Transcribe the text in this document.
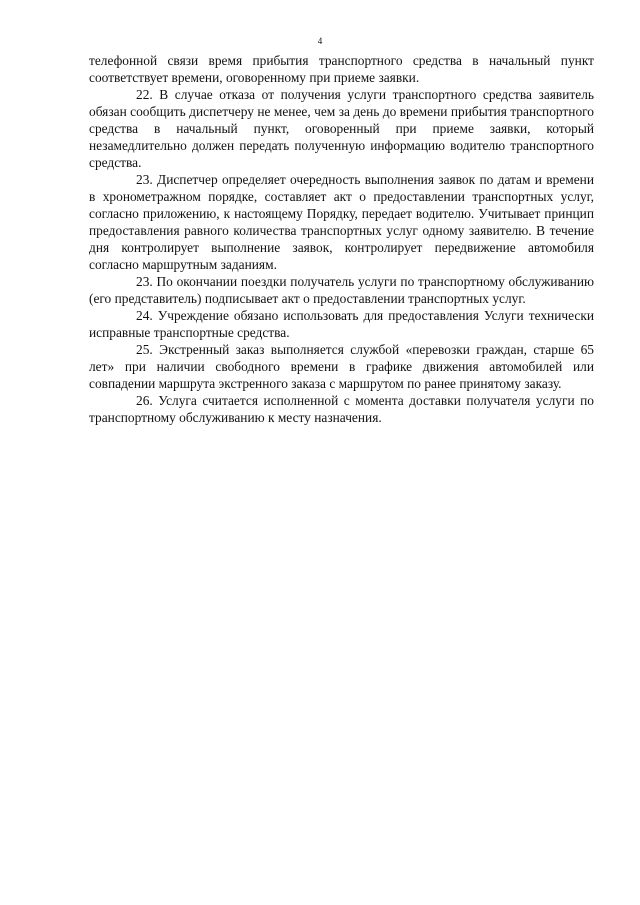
4

телефонной связи время прибытия транспортного средства в начальный пункт соответствует времени, оговоренному при приеме заявки.

22. В случае отказа от получения услуги транспортного средства заявитель обязан сообщить диспетчеру не менее, чем за день до времени прибытия транспортного средства в начальный пункт, оговоренный при приеме заявки, который незамедлительно должен передать полученную информацию водителю транспортного средства.

23. Диспетчер определяет очередность выполнения заявок по датам и времени в хронометражном порядке, составляет акт о предоставлении транспортных услуг, согласно приложению, к настоящему Порядку, передает водителю. Учитывает принцип предоставления равного количества транспортных услуг одному заявителю. В течение дня контролирует выполнение заявок, контролирует передвижение автомобиля согласно маршрутным заданиям.

23. По окончании поездки получатель услуги по транспортному обслуживанию (его представитель) подписывает акт о предоставлении транспортных услуг.

24. Учреждение обязано использовать для предоставления Услуги технически исправные транспортные средства.

25. Экстренный заказ выполняется службой «перевозки граждан, старше 65 лет» при наличии свободного времени в графике движения автомобилей или совпадении маршрута экстренного заказа с маршрутом по ранее принятому заказу.

26. Услуга считается исполненной с момента доставки получателя услуги по транспортному обслуживанию к месту назначения.
